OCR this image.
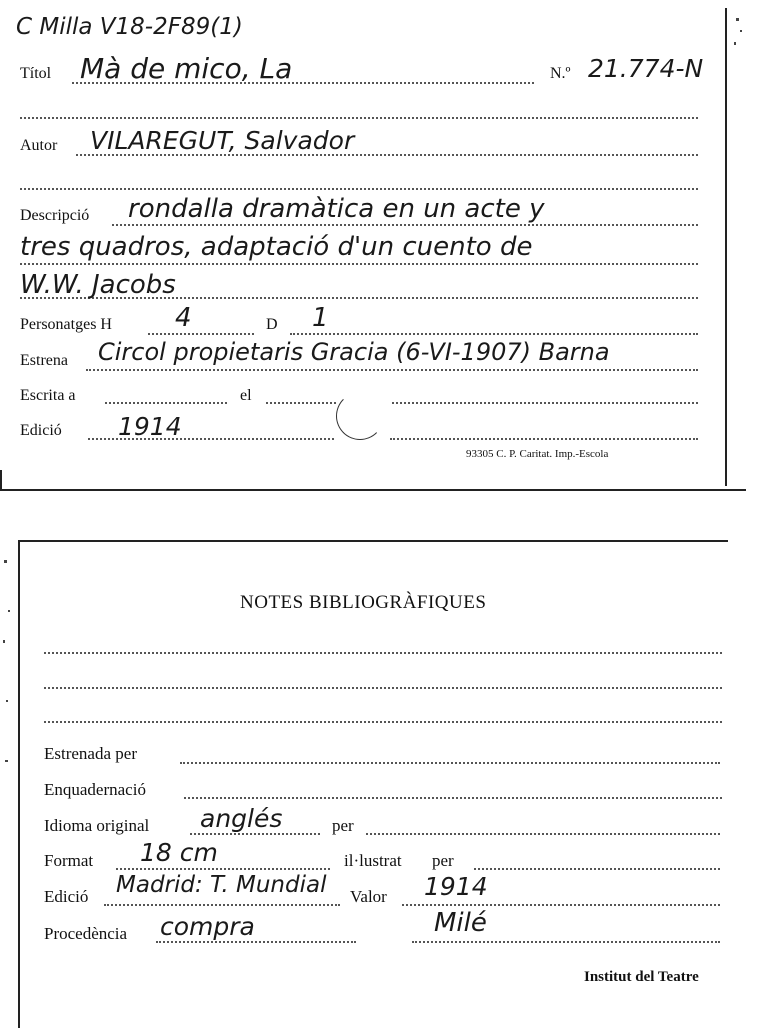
C Milla V18-2F89(1)
Títol Mà de mico, La	N.º 21.774-N
Autor VILAREGUT, Salvador
Descripció rondalla dramàtica en un acte y
tres quadros, adaptació d'un cuento de
W.W. Jacobs
Personatges H 4	D 1
Estrena Circol propietaris Gracia (6-VI-1907) Barna
Escrita a	el
Edició 1914
93305 C. P. Caritat. Imp.-Escola
NOTES BIBLIOGRÀFIQUES
Estrenada per
Enquadernació
Idioma original anglés	per
Format 18 cm	il·lustrat per
Edició Madrid: T. Mundial Valor 1914
Procedència compra	Milé
Institut del Teatre
